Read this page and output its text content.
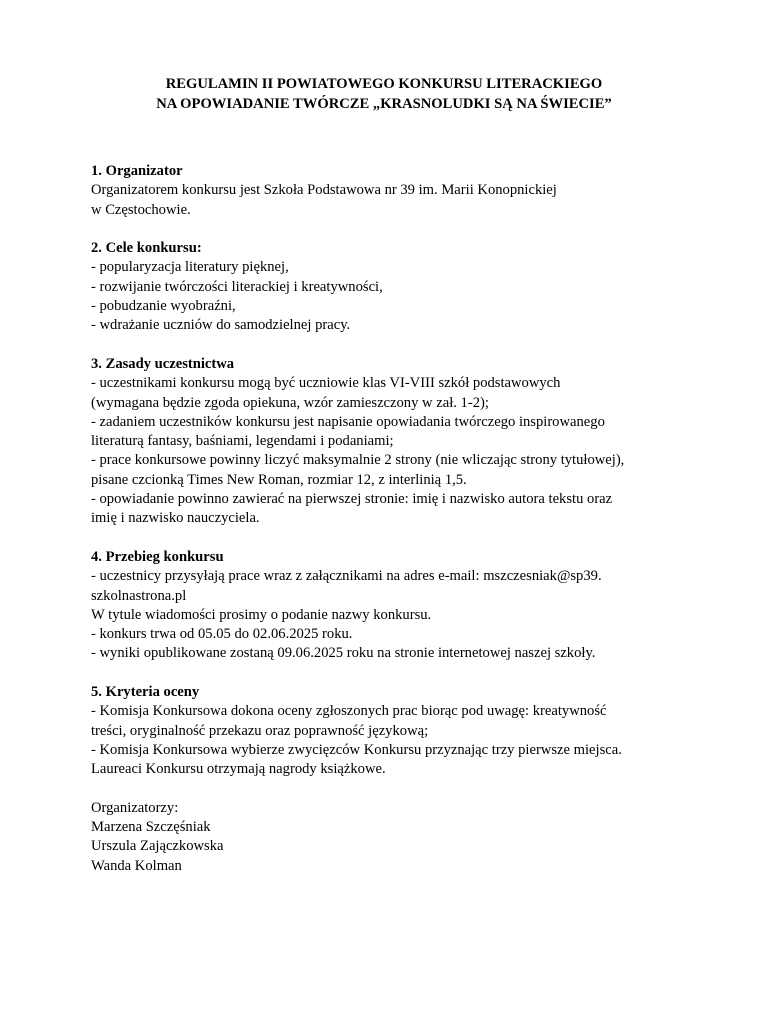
REGULAMIN II POWIATOWEGO KONKURSU LITERACKIEGO
NA OPOWIADANIE TWÓRCZE „KRASNOLUDKI SĄ NA ŚWIECIE”
1. Organizator
Organizatorem konkursu jest Szkoła Podstawowa nr 39 im. Marii Konopnickiej
w Częstochowie.
2. Cele konkursu:
- popularyzacja literatury pięknej,
- rozwijanie twórczości literackiej i kreatywności,
- pobudzanie wyobraźni,
- wdrażanie uczniów do samodzielnej pracy.
3. Zasady uczestnictwa
- uczestnikami konkursu mogą być uczniowie klas VI-VIII szkół podstawowych
(wymagana będzie zgoda opiekuna, wzór zamieszczony w zał. 1-2);
- zadaniem uczestników konkursu jest napisanie opowiadania twórczego inspirowanego
literaturą fantasy, baśniami, legendami i podaniami;
- prace konkursowe powinny liczyć maksymalnie 2 strony (nie wliczając strony tytułowej),
pisane czcionką Times New Roman, rozmiar 12, z interlinią 1,5.
- opowiadanie powinno zawierać na pierwszej stronie: imię i nazwisko autora tekstu oraz
imię i nazwisko nauczyciela.
4. Przebieg konkursu
- uczestnicy przysyłają prace wraz z załącznikami na adres e-mail: mszczesniak@sp39.
szkolnastrona.pl
W tytule wiadomości prosimy o podanie nazwy konkursu.
- konkurs trwa od 05.05 do 02.06.2025 roku.
- wyniki opublikowane zostaną 09.06.2025 roku na stronie internetowej naszej szkoły.
5. Kryteria oceny
- Komisja Konkursowa dokona oceny zgłoszonych prac biorąc pod uwagę: kreatywność
treści, oryginalność przekazu oraz poprawność językową;
- Komisja Konkursowa wybierze zwycięzców Konkursu przyznając trzy pierwsze miejsca.
Laureaci Konkursu otrzymają nagrody książkowe.
Organizatorzy:
Marzena Szczęśniak
Urszula Zajączkowska
Wanda Kolman
